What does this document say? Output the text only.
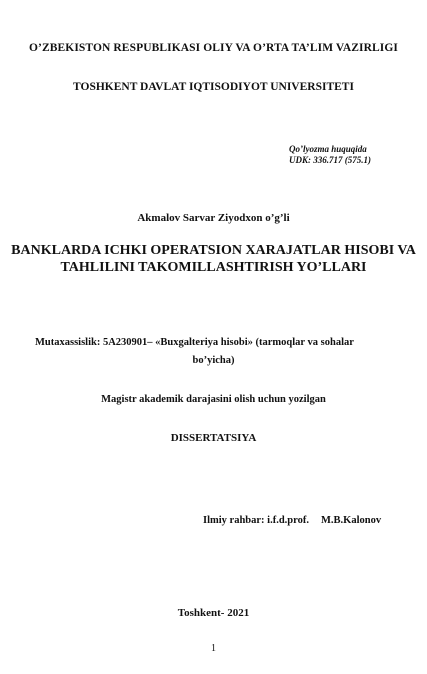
O’ZBEKISTON RESPUBLIKASI OLIY VA O’RTA TA’LIM VAZIRLIGI
TOSHKENT DAVLAT IQTISODIYOT UNIVERSITETI
Qo’lyozma huquqida
UDK: 336.717 (575.1)
Akmalov Sarvar Ziyodxon o’g’li
BANKLARDA ICHKI OPERATSION XARAJATLAR HISOBI VA
TAHLILINI TAKOMILLASHTIRISH YO’LLARI
Mutaxassislik: 5A230901– «Buxgalteriya hisobi» (tarmoqlar va sohalar
bo’yicha)
Magistr akademik darajasini olish uchun yozilgan
DISSERTATSIYA
Ilmiy rahbar: i.f.d.prof. M.B.Kalonov
Toshkent- 2021
1
